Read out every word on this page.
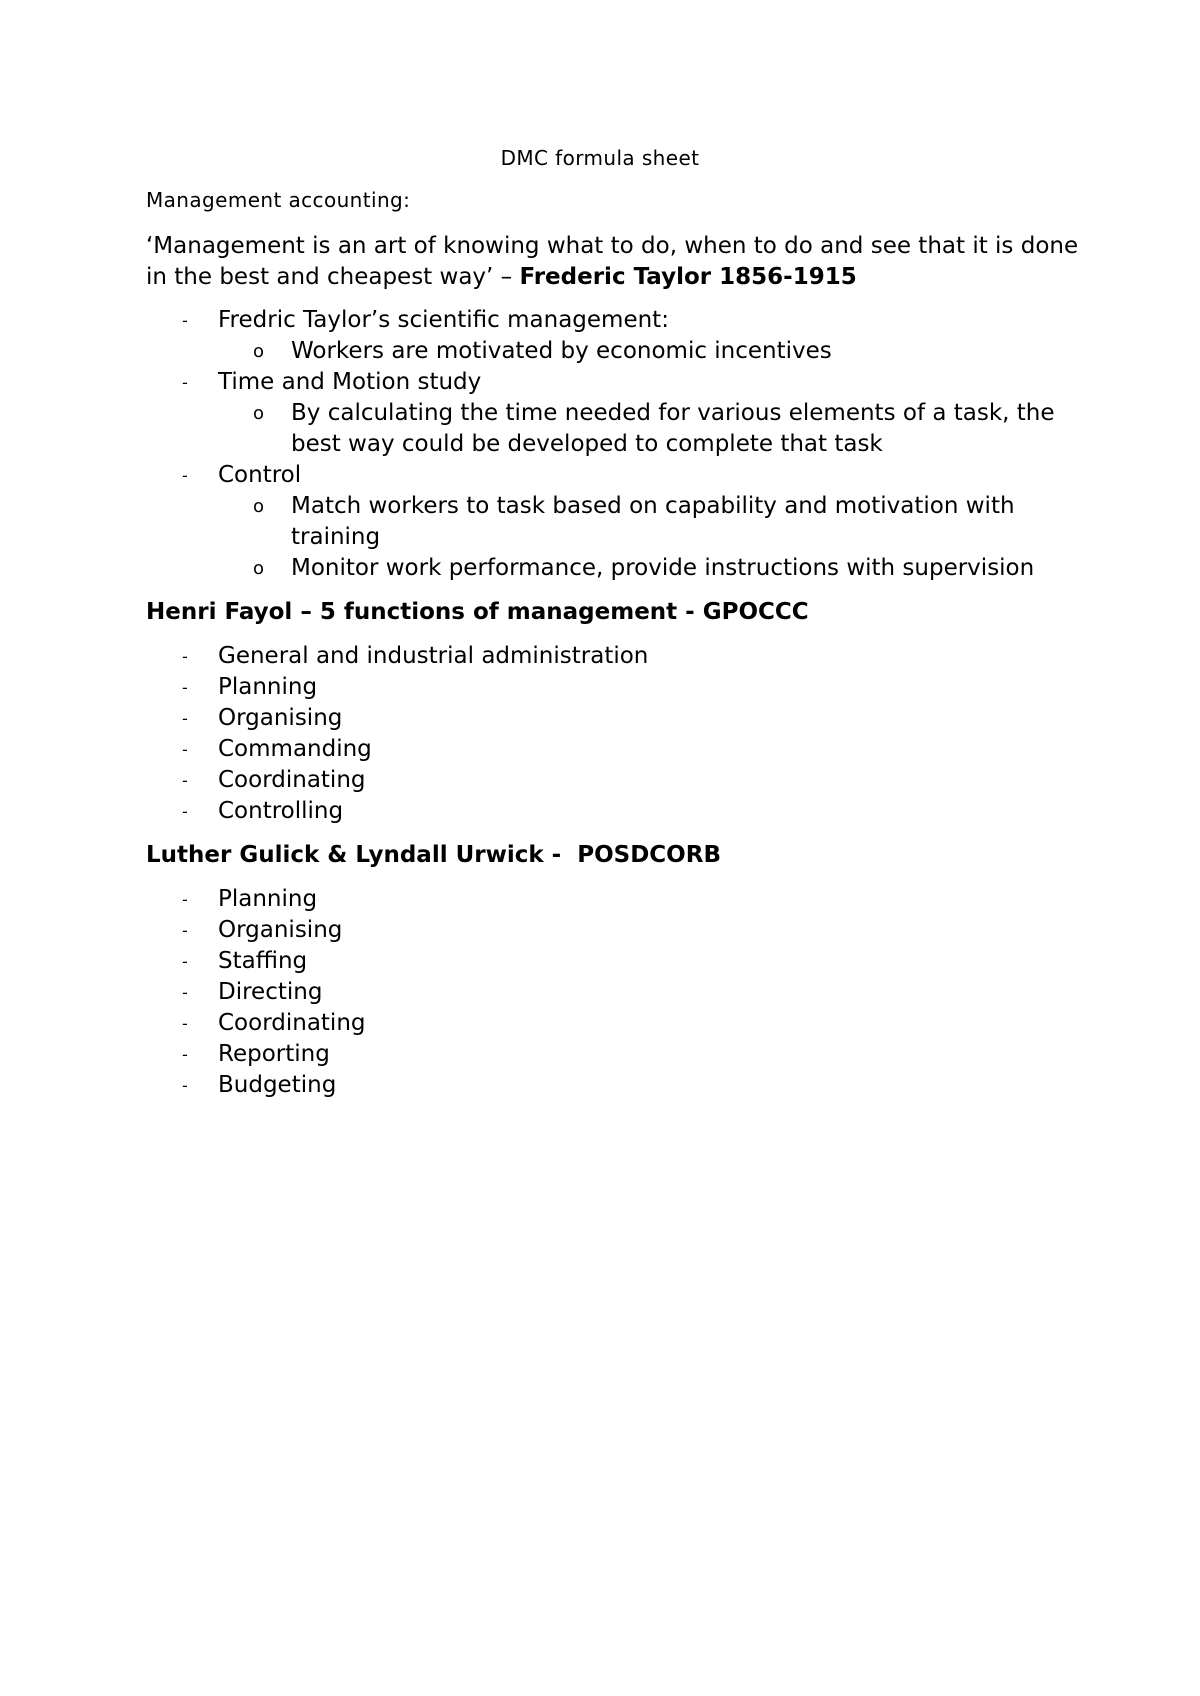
DMC formula sheet
Management accounting:
‘Management is an art of knowing what to do, when to do and see that it is done in the best and cheapest way’ – Frederic Taylor 1856-1915
- Fredric Taylor’s scientific management:
o Workers are motivated by economic incentives
- Time and Motion study
o By calculating the time needed for various elements of a task, the best way could be developed to complete that task
- Control
o Match workers to task based on capability and motivation with training
o Monitor work performance, provide instructions with supervision
Henri Fayol – 5 functions of management - GPOCCC
- General and industrial administration
- Planning
- Organising
- Commanding
- Coordinating
- Controlling
Luther Gulick & Lyndall Urwick -  POSDCORB
- Planning
- Organising
- Staffing
- Directing
- Coordinating
- Reporting
- Budgeting
